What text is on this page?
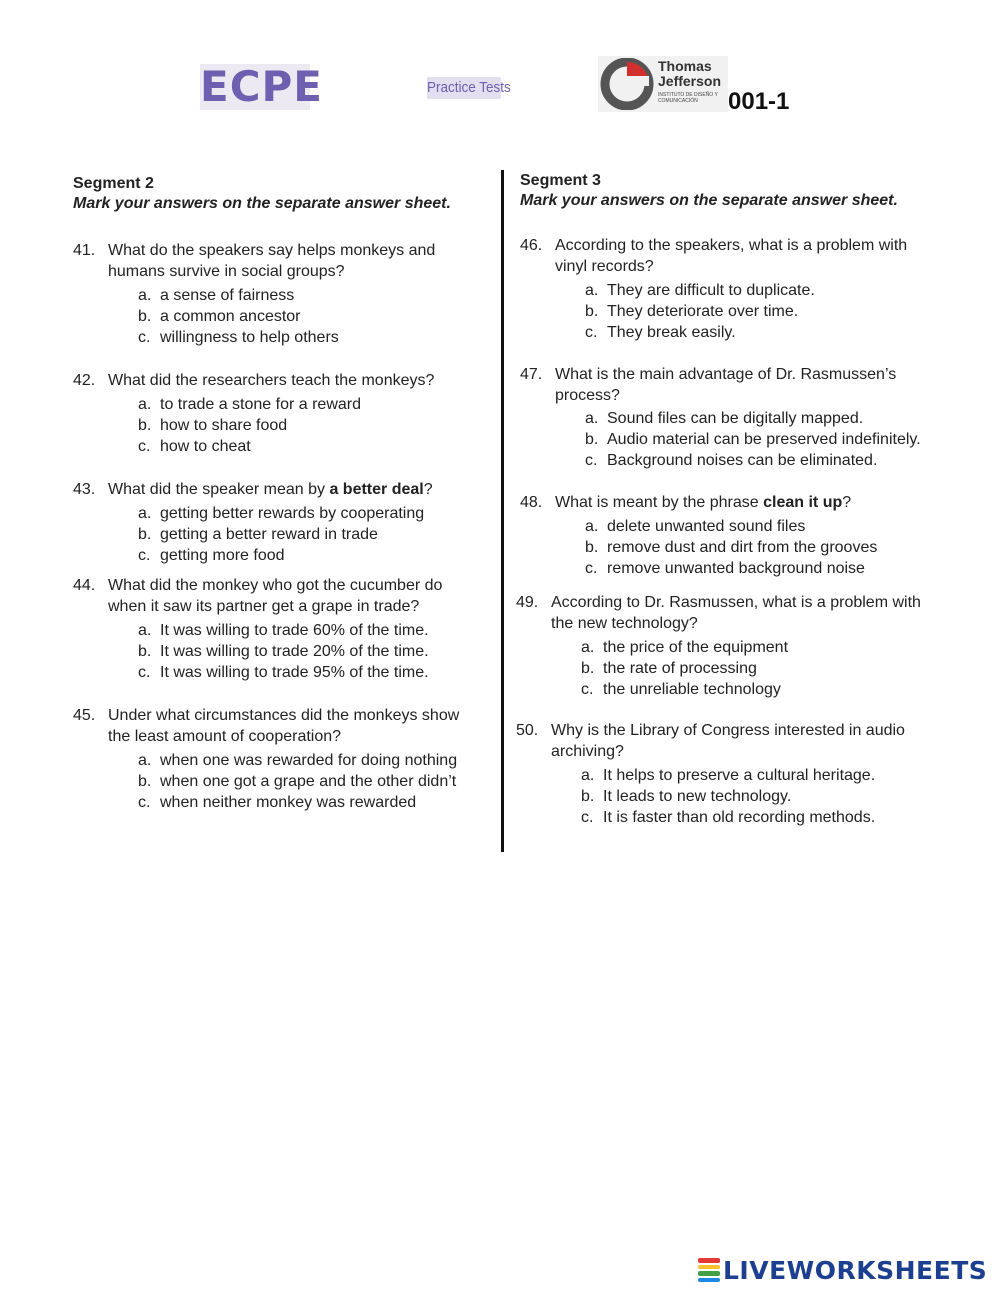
ECPE	Practice Tests
Thomas
Jefferson
INSTITUTO DE DISEÑO Y COMUNICACIÓN	001-1
Segment 2
Mark your answers on the separate answer sheet.
41. What do the speakers say helps monkeys and humans survive in social groups?
a. a sense of fairness
b. a common ancestor
c. willingness to help others
42. What did the researchers teach the monkeys?
a. to trade a stone for a reward
b. how to share food
c. how to cheat
43. What did the speaker mean by a better deal?
a. getting better rewards by cooperating
b. getting a better reward in trade
c. getting more food
44. What did the monkey who got the cucumber do when it saw its partner get a grape in trade?
a. It was willing to trade 60% of the time.
b. It was willing to trade 20% of the time.
c. It was willing to trade 95% of the time.
45. Under what circumstances did the monkeys show the least amount of cooperation?
a. when one was rewarded for doing nothing
b. when one got a grape and the other didn’t
c. when neither monkey was rewarded
Segment 3
Mark your answers on the separate answer sheet.
46. According to the speakers, what is a problem with vinyl records?
a. They are difficult to duplicate.
b. They deteriorate over time.
c. They break easily.
47. What is the main advantage of Dr. Rasmussen’s process?
a. Sound files can be digitally mapped.
b. Audio material can be preserved indefinitely.
c. Background noises can be eliminated.
48. What is meant by the phrase clean it up?
a. delete unwanted sound files
b. remove dust and dirt from the grooves
c. remove unwanted background noise
49. According to Dr. Rasmussen, what is a problem with the new technology?
a. the price of the equipment
b. the rate of processing
c. the unreliable technology
50. Why is the Library of Congress interested in audio archiving?
a. It helps to preserve a cultural heritage.
b. It leads to new technology.
c. It is faster than old recording methods.
LIVEWORKSHEETS
